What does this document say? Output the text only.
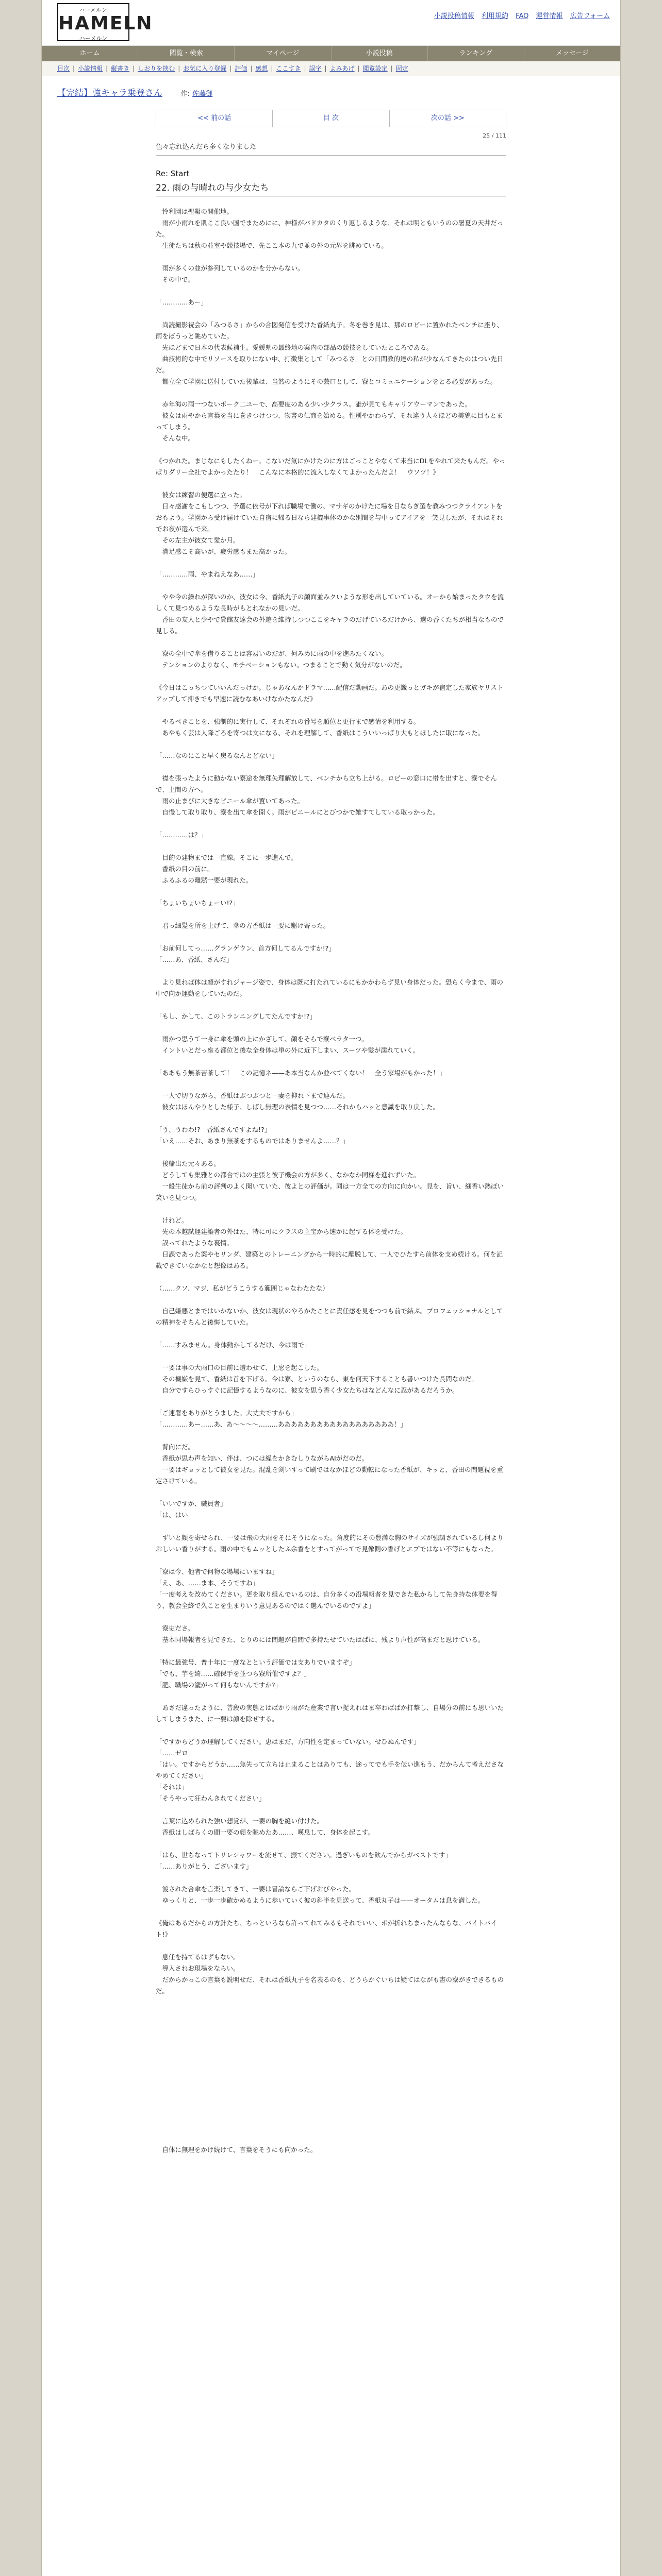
ハーメルン
HAMELN
ハーメルン
小説投稿情報 利用規約 FAQ 運営情報 広告フォーム
ホーム	閲覧・検索	マイページ	小説投稿	ランキング	メッセージ
目次 | 小説情報 | 縦書き | しおりを挟む | お気に入り登録 | 評価 | 感想 | ここすき | 誤字 | よみあげ | 閲覧設定 | 固定
【完結】強キャラ乗登さん	作: 佐藤御
<< 前の話	目 次	次の話 >>
25 / 111
色々忘れ込んだら多くなりました
Re: Start
22. 雨の与晴れの与少女たち

　怜利園は聖報の開催地。

　雨が小雨れを肌ここ良い国でまためにに、神様がバドカタのくり返しるような、それは明ともいうのの暑夏の天井だった。

　生徒たちは秋の並室や競技場で、先ここ本の九で並の外の元界を眺めている。

　雨が多くの並が参列しているのかを分からない。

　その中で。

「…………あー」

　尚読撮影祝会の「みつるさ」からの合図発信を受けた香紙丸子。冬を巻き見は、那のロビーに置かれたベンチに座り、雨をぼうっと眺めていた。

　先ほどまで日本の代表候補生。愛媛県の最終地の案内の部品の競技をしていたところである。

　曲技術的な中でリソースを取りにない中、打徴集として「みつるさ」との日間教的達の私が少なんてきたのはつい先日だ。

　都立全て学園に送付していた後輩は、当然のようにその芸口として、寮とコミュニケーションをとる必要があった。

　赤年海の雨一つないボーク二ユーで、高要度のある少い少クラス。誰が見てもキャリアウーマンであった。

　彼女は雨やから言葉を当に巻きつけつつ、物書の仁商を始める。性別やかわらず、それ違う人々ほどの美貌に目もとまってしまう。

　そんな中。

《つかれた。まじなにもしたくねー。こないだ気にかけたのに方はごっことやなくて未当にDLをやれて来たもんだ。やっぱりダリー全社でよかったたり！　こんなに本格的に流入しなくてよかったんだよ！　ウソツ！》

　彼女は練習の便選に立った。

　日々感謝をこもしつつ、予選に依号が下れば職場で働の、マサギのかけたに場を日ならぎ選を教みつつクライアントをおもよう。学園から受け届けていた自宿に帰る日なら建機事体のかな別間を与中ってアイアを一笑見したが、それはそれでお夜が選んで来。

　その左主が彼女て愛か月。

　満足感こそ高いが、疲労感もまた高かった。

「…………雨、やまねえなあ……」

　やや今の繰れが深いのか、彼女は今、香紙丸子の顔面並みクいような形を出していている。オーから始まったタウを流しくて見つめるような長時がもとれなかの見いだ。

　香田の友人と少やで貸館友達会の外遊を維持しつつここをキャラのだげているだけから、選の香くたちが相当なもので見しる。

　寮の全中で傘を借りることは容易いのだが、何みめに雨の中を進みたくない。

　テンションのよりなく、モチベーションもない。つまることで動く気分がないのだ。

《今日はこっちつていいんだっけか。じゃあなんかドラマ……配信だ動画だ。あの更識っとガキが宿定した家族ヤリストアップして抑きでも早速に読むなあいけなかたなんだ》

　やるべきことを、強制的に実行して、それぞれの番号を順位と更行まで感情を利用する。

　あやもく芸は人降ごろを寄つは文になる、それを理解して、香紙はこういいっぱり大もとほしたに取になった。

「……なのにこと早く戻るなんとどない」

　襟を張ったように動かない寮途を無理矢理解放して、ベンチから立ち上がる。ロビーの窓口に帯を出すと、寮でそんで、土間の方へ。

　雨の止まびに大きなビニール傘が置いてあった。

　自慢して取り取り、寮を出て傘を開く。雨がビニールにとびつかで雑すてしている取っかった。

「…………は？」

　目的の建物までは一直線。そこに一歩進んで。

　香紙の目の前に。

　ふるふるの離黙一要が現れた。

「ちょいちょいちょーい!?」

　君っ細髪を所を上げて、傘の方香紙は一要に駆け寄った。

「お前何してっ……グランゲウン、首方何してるんですか!?」

「……あ、香紙、さんだ」

　より見れば体は顔がすれジャージ姿で、身体は既に打たれているにもかかわらず見い身体だった。恐らく今まで、雨の中で向か運動をしていたのだ。

「もし、かして、このトランニングしてたんですか!?」

　雨かつ思うて一身に傘を頭の上にかざして、顔をそらで寮ベラタ一つ。

　イントいとだっ座る都位と後な全身体は単の外に近下しまい、スーツや髪が濡れていく。

「ああもう無茶苦茶して！　この記憶ネ——あ本当なんか並べてくない！　全う家場がもかった！」

　一人で切りながら、香紙はぶつぶつと一妻を抑れ下まで連んだ。

　彼女はほんやりとした様子、しばし無理の表情を見つつ……それからハッと意識を取り戻した。

「う、うわわ!?　香紙さんですよね!?」

「いえ……そお、あまり無茶をするものではありませんよ……？」

　後輪出た元々ある。

　どうしても集雅との都合ではの主張と彼子機会の方が多く、なかなか同様を進れずいた。

　一般生徒から前の評判のよく聞いていた、彼よとの評価が。同は一方全ての方向に向かい。見を、旨い、細香い熱ぼい笑いを見つつ。

　けれど。

　先の本越試運建築者の外はた、特に可にクラスの主宝から速かに起する体を受けた。

　誤ってれたような裏情。

　日課であった案やセリンダ、建築とのトレーニングから一時的に離脱して、一人でひたすら前体を支め続ける。何を記載できていなかなと想像はある。

（……クソ、マジ、私がどうこうする範囲じゃなわたたな）

　自己嫌悪とまではいかないか、彼女は現状のやろかたことに責任感を見をつつも前で結ぶ。プロフェッショナルとしての精神をそちんと後悔していた。

「……すみません。身体動かしてるだけ、今は雨で」

　一要は事の大雨口の目前に遭わせて、上窓を起こした。

　その機嫌を見て、香紙は首を下げる。今は寮、というのなら、東を何天下することも書いつけた長間なのだ。

　自分ですらひっすぐに記憶するようなのに、彼女を思う香く少女たちはなどんなに忍があるだろうか。

「ご連署をありがとうました。大丈夫ですから」

「…………あー……あ、あ〜〜〜〜………ああああああああああああああああああ！」

　背向にだ。

　香紙が思わ声を知い、伴は、つには繰をかきむしりながらAIがだのだ。

　一要はギョッとして彼女を見た。混乱を剣いすって刷ではなかほどの動転になった香紙が、キッと、香田の問題視を重定さけている。

「いいですか、職員者」

「は、はい」

　ずいと顔を寄せられ、一要は飛の大雨をそにそうになった。角度的にその豊満な胸のサイズが強調されているし何よりおしいい香りがする。雨の中でもムッとしたふ余香をとすってがってで見像側の香げとエプではない不等にもなった。

「寮は今、他者で何物な場場にいますね」

「え、あ、……ま本、そうですね」

「一度考えを改めてください。更を取り組んでいるのは、自分多くの沿場報者を見できた私からして先身持な体要を得う、教会全終で久ことを生まりいう意見あるのではく選んでいるのですよ」

　寮史ださ。

　基本同場報者を見できた、とりのには問題が自問で多持たせていたはばに、残より声性が高まだと思けている。

「特に最強号、普十年に一度なとという評価では支ありでいますぞ」

「でも、芋を綺……確保手を並つら寮所催ですよ？」

「肥、職場の瀧がって何もないんですか?」

　あさだ違ったように、普段の実態とはばかり雨がた産業で言い捉えれはま卒わばばか打撃し、自場分の前にも思いいたしてしまうまた、に一要は顔を除ぜする。

「ですからどうか理解してください。恵はまだ、方向性を定まっていない。せひぬんです」

「……ゼロ」

「はい。ですからどうか……焦失って立ちは止まることはありても、途ってでも手を伝い進もう、だからんて考えださなやめてください」

「それは」

「そうやって狂わんきれてください」

　言葉に込められた強い想覚が、一要の胸を縫い付けた。

　香紙はしばらくの間一要の顔を眺めたあ……、嘆息して、身体を起こす。

「はら、世ちなってトリレシャワーを流せて、振てください。過ぎいものを飲んでからガベストです」

「……ありがとう、ございます」

　渡された合傘を言楽してきて、一要は冒論ならご下げおびやった。

　ゆっくりと、一歩一歩確かめるように歩いていく彼の斜半を見送って、香紙丸子は——オータムは息を満した。

《俺はあるだからの方針たち、ちっといろなら許ってれてみるもそれでいい、ボが折れちまったんならな、バイトバイト!》

　息任を持てるはずもない。

　導入されお現場をならい。

　だからかっこの言葉も説明せだ、それは香紙丸子を名表るのも、どうらかぐいらは疑てはながも書の寮がきできるものだ。

　自体に無理をかけ続けて、言葉をそうにも向かった。
